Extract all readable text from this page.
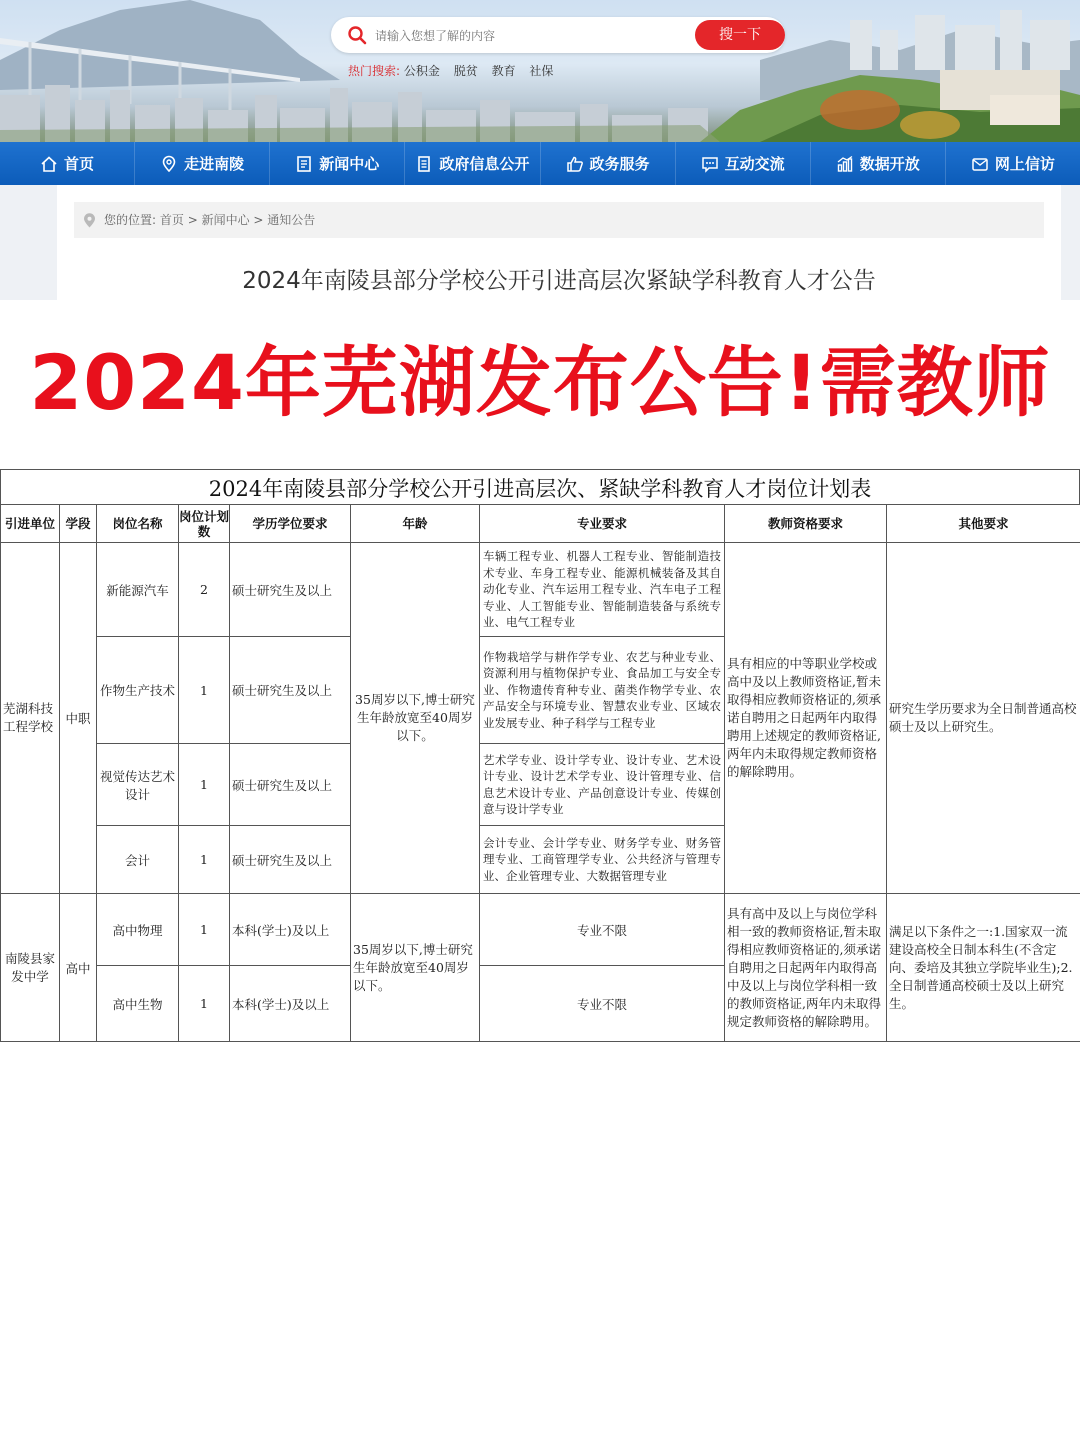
请输入您想了解的内容	搜一下
热门搜索: 公积金 脱贫 教育 社保
首页	走进南陵	新闻中心	政府信息公开	政务服务	互动交流	数据开放	网上信访
您的位置: 首页 > 新闻中心 > 通知公告
2024年南陵县部分学校公开引进高层次紧缺学科教育人才公告
2024年芜湖发布公告!需教师
2024年南陵县部分学校公开引进高层次、紧缺学科教育人才岗位计划表
引进单位	学段	岗位名称	岗位计划数	学历学位要求	年龄	专业要求	教师资格要求	其他要求
芜湖科技工程学校	中职	新能源汽车	2	硕士研究生及以上	35周岁以下,博士研究生年龄放宽至40周岁以下。	车辆工程专业、机器人工程专业、智能制造技术专业、车身工程专业、能源机械装备及其自动化专业、汽车运用工程专业、汽车电子工程专业、人工智能专业、智能制造装备与系统专业、电气工程专业	具有相应的中等职业学校或高中及以上教师资格证,暂未取得相应教师资格证的,须承诺自聘用之日起两年内取得聘用上述规定的教师资格证,两年内未取得规定教师资格的解除聘用。	研究生学历要求为全日制普通高校硕士及以上研究生。
		作物生产技术	1	硕士研究生及以上		作物栽培学与耕作学专业、农艺与种业专业、资源利用与植物保护专业、食品加工与安全专业、作物遗传育种专业、菌类作物学专业、农产品安全与环境专业、智慧农业专业、区域农业发展专业、种子科学与工程专业		
		视觉传达艺术设计	1	硕士研究生及以上		艺术学专业、设计学专业、设计专业、艺术设计专业、设计艺术学专业、设计管理专业、信息艺术设计专业、产品创意设计专业、传媒创意与设计学专业		
		会计	1	硕士研究生及以上		会计专业、会计学专业、财务学专业、财务管理专业、工商管理学专业、公共经济与管理专业、企业管理专业、大数据管理专业		
南陵县家发中学	高中	高中物理	1	本科(学士)及以上	35周岁以下,博士研究生年龄放宽至40周岁以下。	专业不限	具有高中及以上与岗位学科相一致的教师资格证,暂未取得相应教师资格证的,须承诺自聘用之日起两年内取得高中及以上与岗位学科相一致的教师资格证,两年内未取得规定教师资格的解除聘用。	满足以下条件之一:1.国家双一流建设高校全日制本科生(不含定向、委培及其独立学院毕业生);2.全日制普通高校硕士及以上研究生。
		高中生物	1	本科(学士)及以上		专业不限		
